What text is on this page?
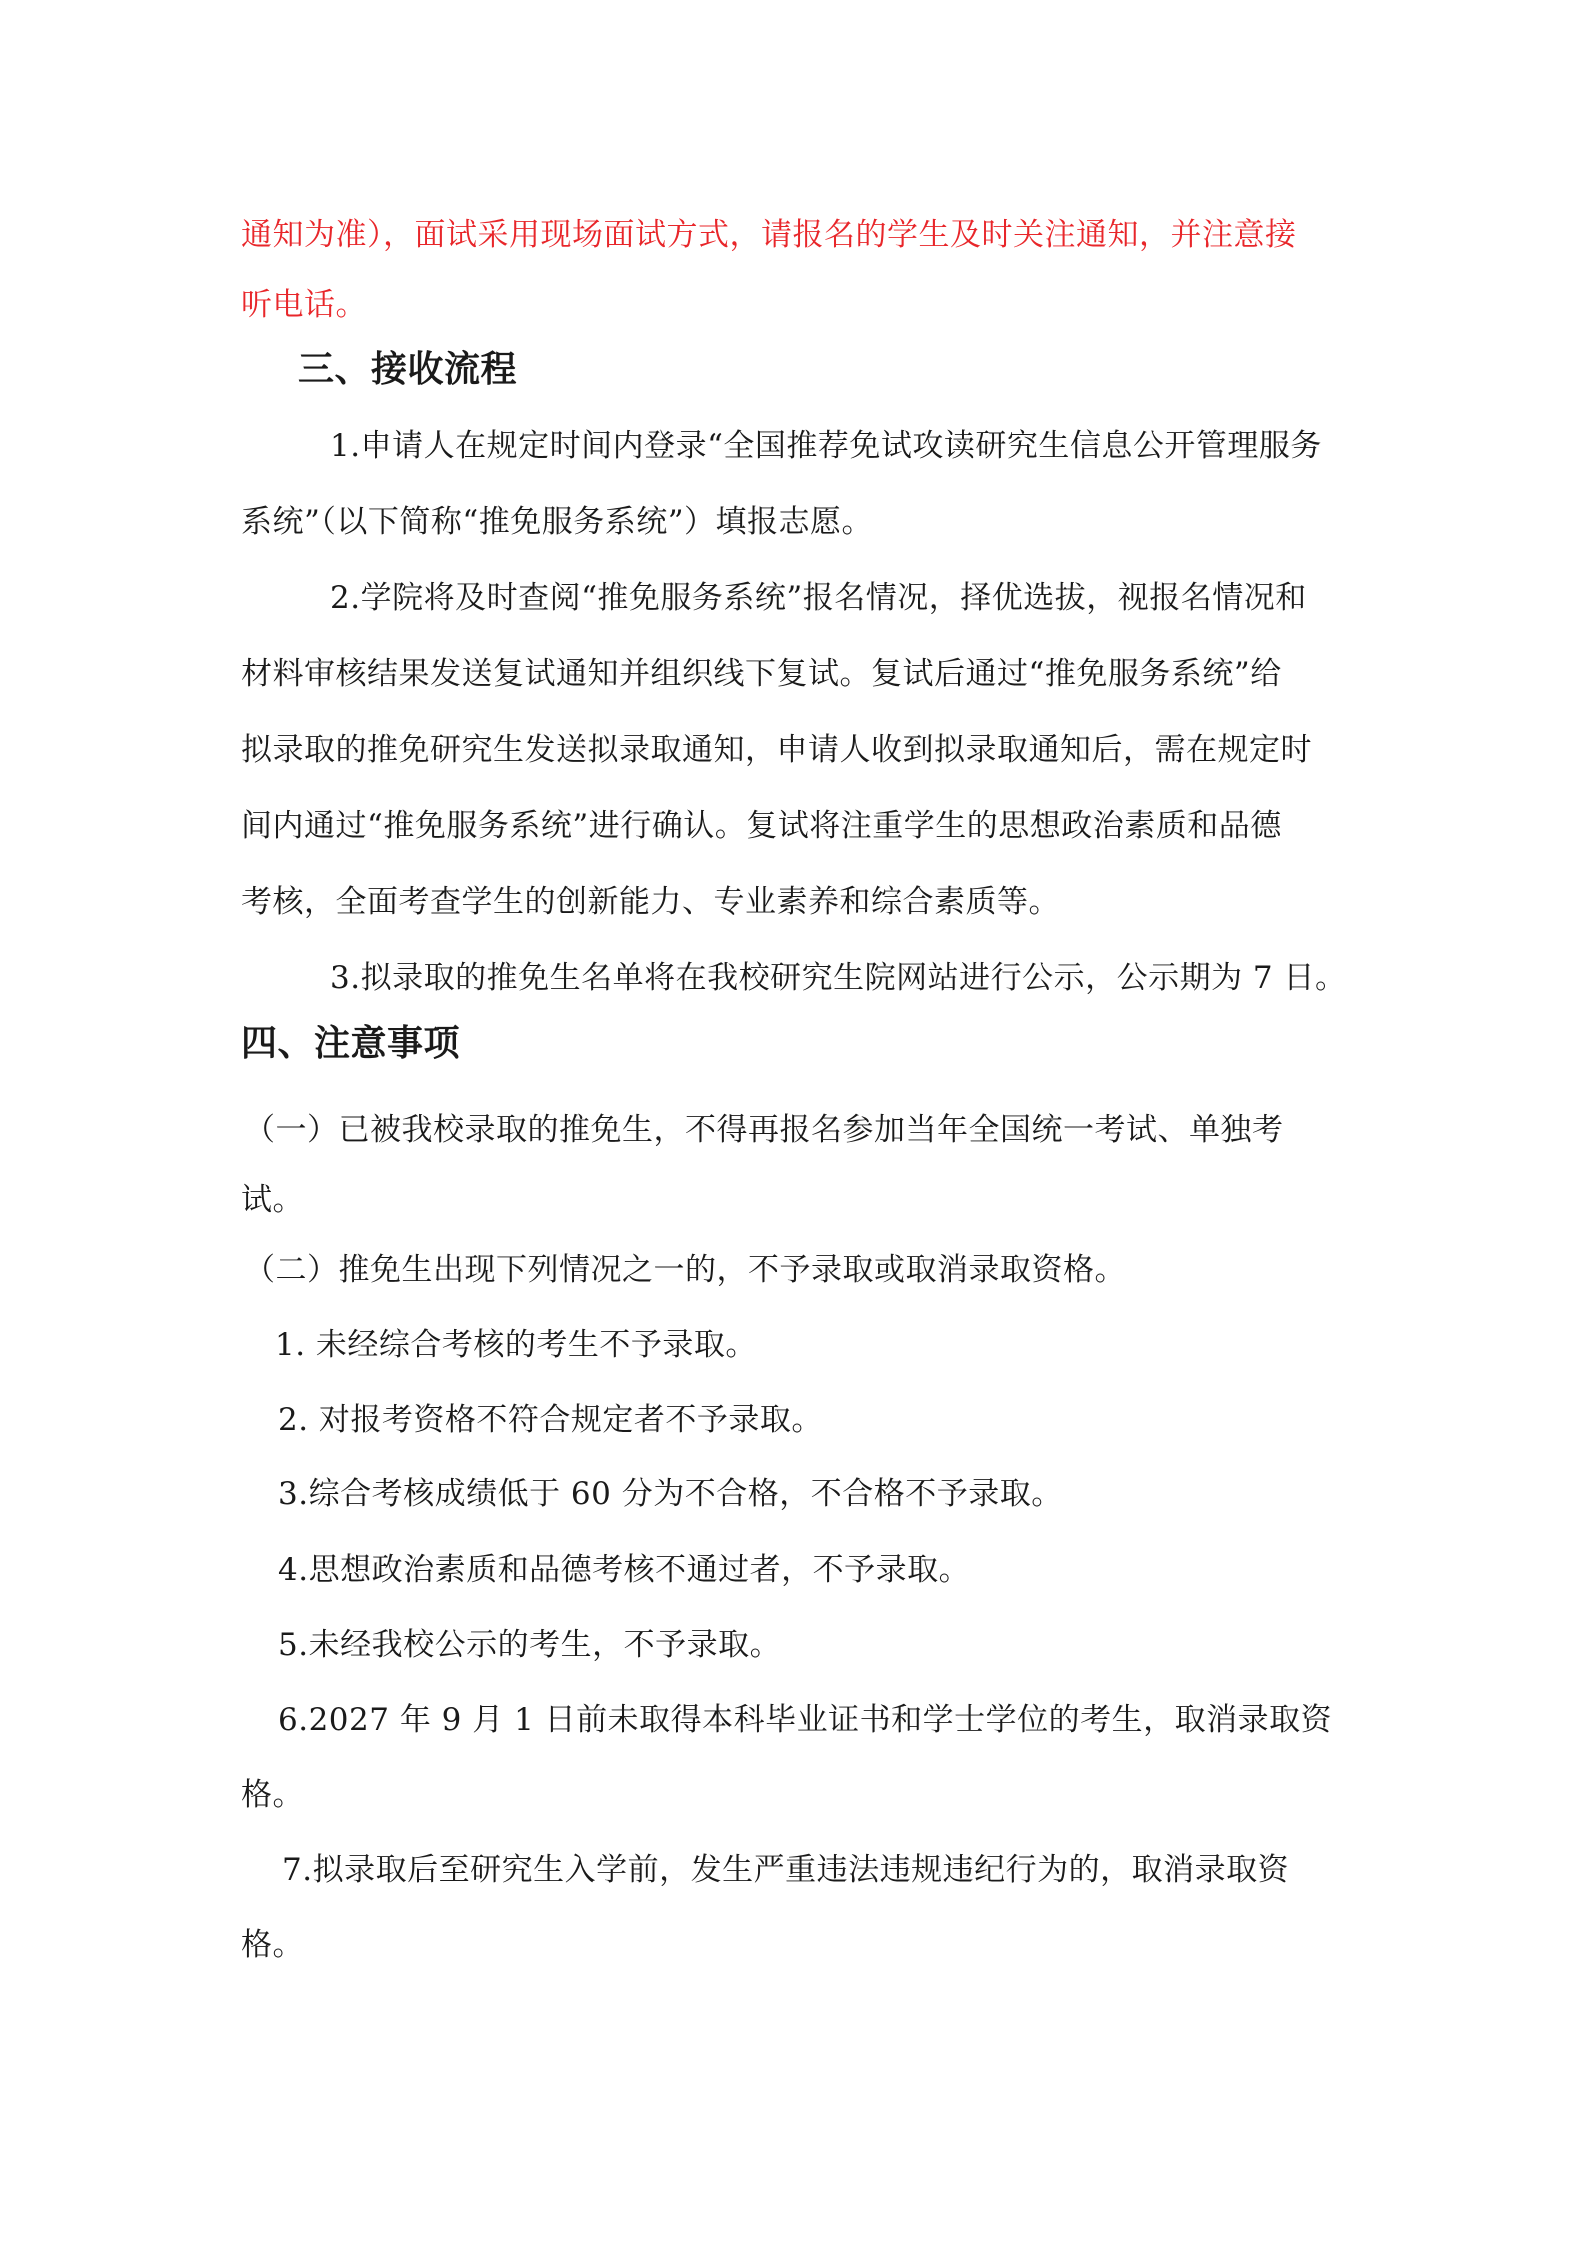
通知为准），面试采用现场面试方式，请报名的学生及时关注通知，并注意接
听电话。
三、接收流程
1.申请人在规定时间内登录“全国推荐免试攻读研究生信息公开管理服务
系统”（以下简称“推免服务系统”）填报志愿。
2.学院将及时查阅“推免服务系统”报名情况，择优选拔，视报名情况和
材料审核结果发送复试通知并组织线下复试。复试后通过“推免服务系统”给
拟录取的推免研究生发送拟录取通知，申请人收到拟录取通知后，需在规定时
间内通过“推免服务系统”进行确认。复试将注重学生的思想政治素质和品德
考核，全面考查学生的创新能力、专业素养和综合素质等。
3.拟录取的推免生名单将在我校研究生院网站进行公示，公示期为 7 日。
四、注意事项
（一）已被我校录取的推免生，不得再报名参加当年全国统一考试、单独考
试。
（二）推免生出现下列情况之一的，不予录取或取消录取资格。
1. 未经综合考核的考生不予录取。
2. 对报考资格不符合规定者不予录取。
3.综合考核成绩低于 60 分为不合格，不合格不予录取。
4.思想政治素质和品德考核不通过者，不予录取。
5.未经我校公示的考生，不予录取。
6.2027 年 9 月 1 日前未取得本科毕业证书和学士学位的考生，取消录取资
格。
7.拟录取后至研究生入学前，发生严重违法违规违纪行为的，取消录取资
格。
